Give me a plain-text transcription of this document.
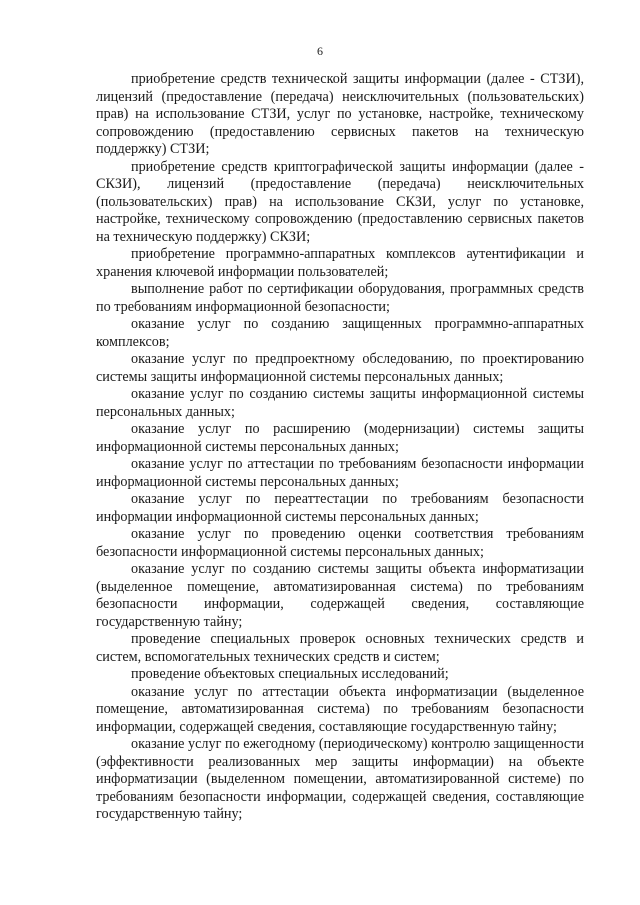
6

приобретение средств технической защиты информации (далее - СТЗИ), лицензий (предоставление (передача) неисключительных (пользовательских) прав) на использование СТЗИ, услуг по установке, настройке, техническому сопровождению (предоставлению сервисных пакетов на техническую поддержку) СТЗИ;

приобретение средств криптографической защиты информации (далее - СКЗИ), лицензий (предоставление (передача) неисключительных (пользовательских) прав) на использование СКЗИ, услуг по установке, настройке, техническому сопровождению (предоставлению сервисных пакетов на техническую поддержку) СКЗИ;

приобретение программно-аппаратных комплексов аутентификации и хранения ключевой информации пользователей;

выполнение работ по сертификации оборудования, программных средств по требованиям информационной безопасности;

оказание услуг по созданию защищенных программно-аппаратных комплексов;

оказание услуг по предпроектному обследованию, по проектированию системы защиты информационной системы персональных данных;

оказание услуг по созданию системы защиты информационной системы персональных данных;

оказание услуг по расширению (модернизации) системы защиты информационной системы персональных данных;

оказание услуг по аттестации по требованиям безопасности информации информационной системы персональных данных;

оказание услуг по переаттестации по требованиям безопасности информации информационной системы персональных данных;

оказание услуг по проведению оценки соответствия требованиям безопасности информационной системы персональных данных;

оказание услуг по созданию системы защиты объекта информатизации (выделенное помещение, автоматизированная система) по требованиям безопасности информации, содержащей сведения, составляющие государственную тайну;

проведение специальных проверок основных технических средств и систем, вспомогательных технических средств и систем;

проведение объектовых специальных исследований;

оказание услуг по аттестации объекта информатизации (выделенное помещение, автоматизированная система) по требованиям безопасности информации, содержащей сведения, составляющие государственную тайну;

оказание услуг по ежегодному (периодическому) контролю защищенности (эффективности реализованных мер защиты информации) на объекте информатизации (выделенном помещении, автоматизированной системе) по требованиям безопасности информации, содержащей сведения, составляющие государственную тайну;
